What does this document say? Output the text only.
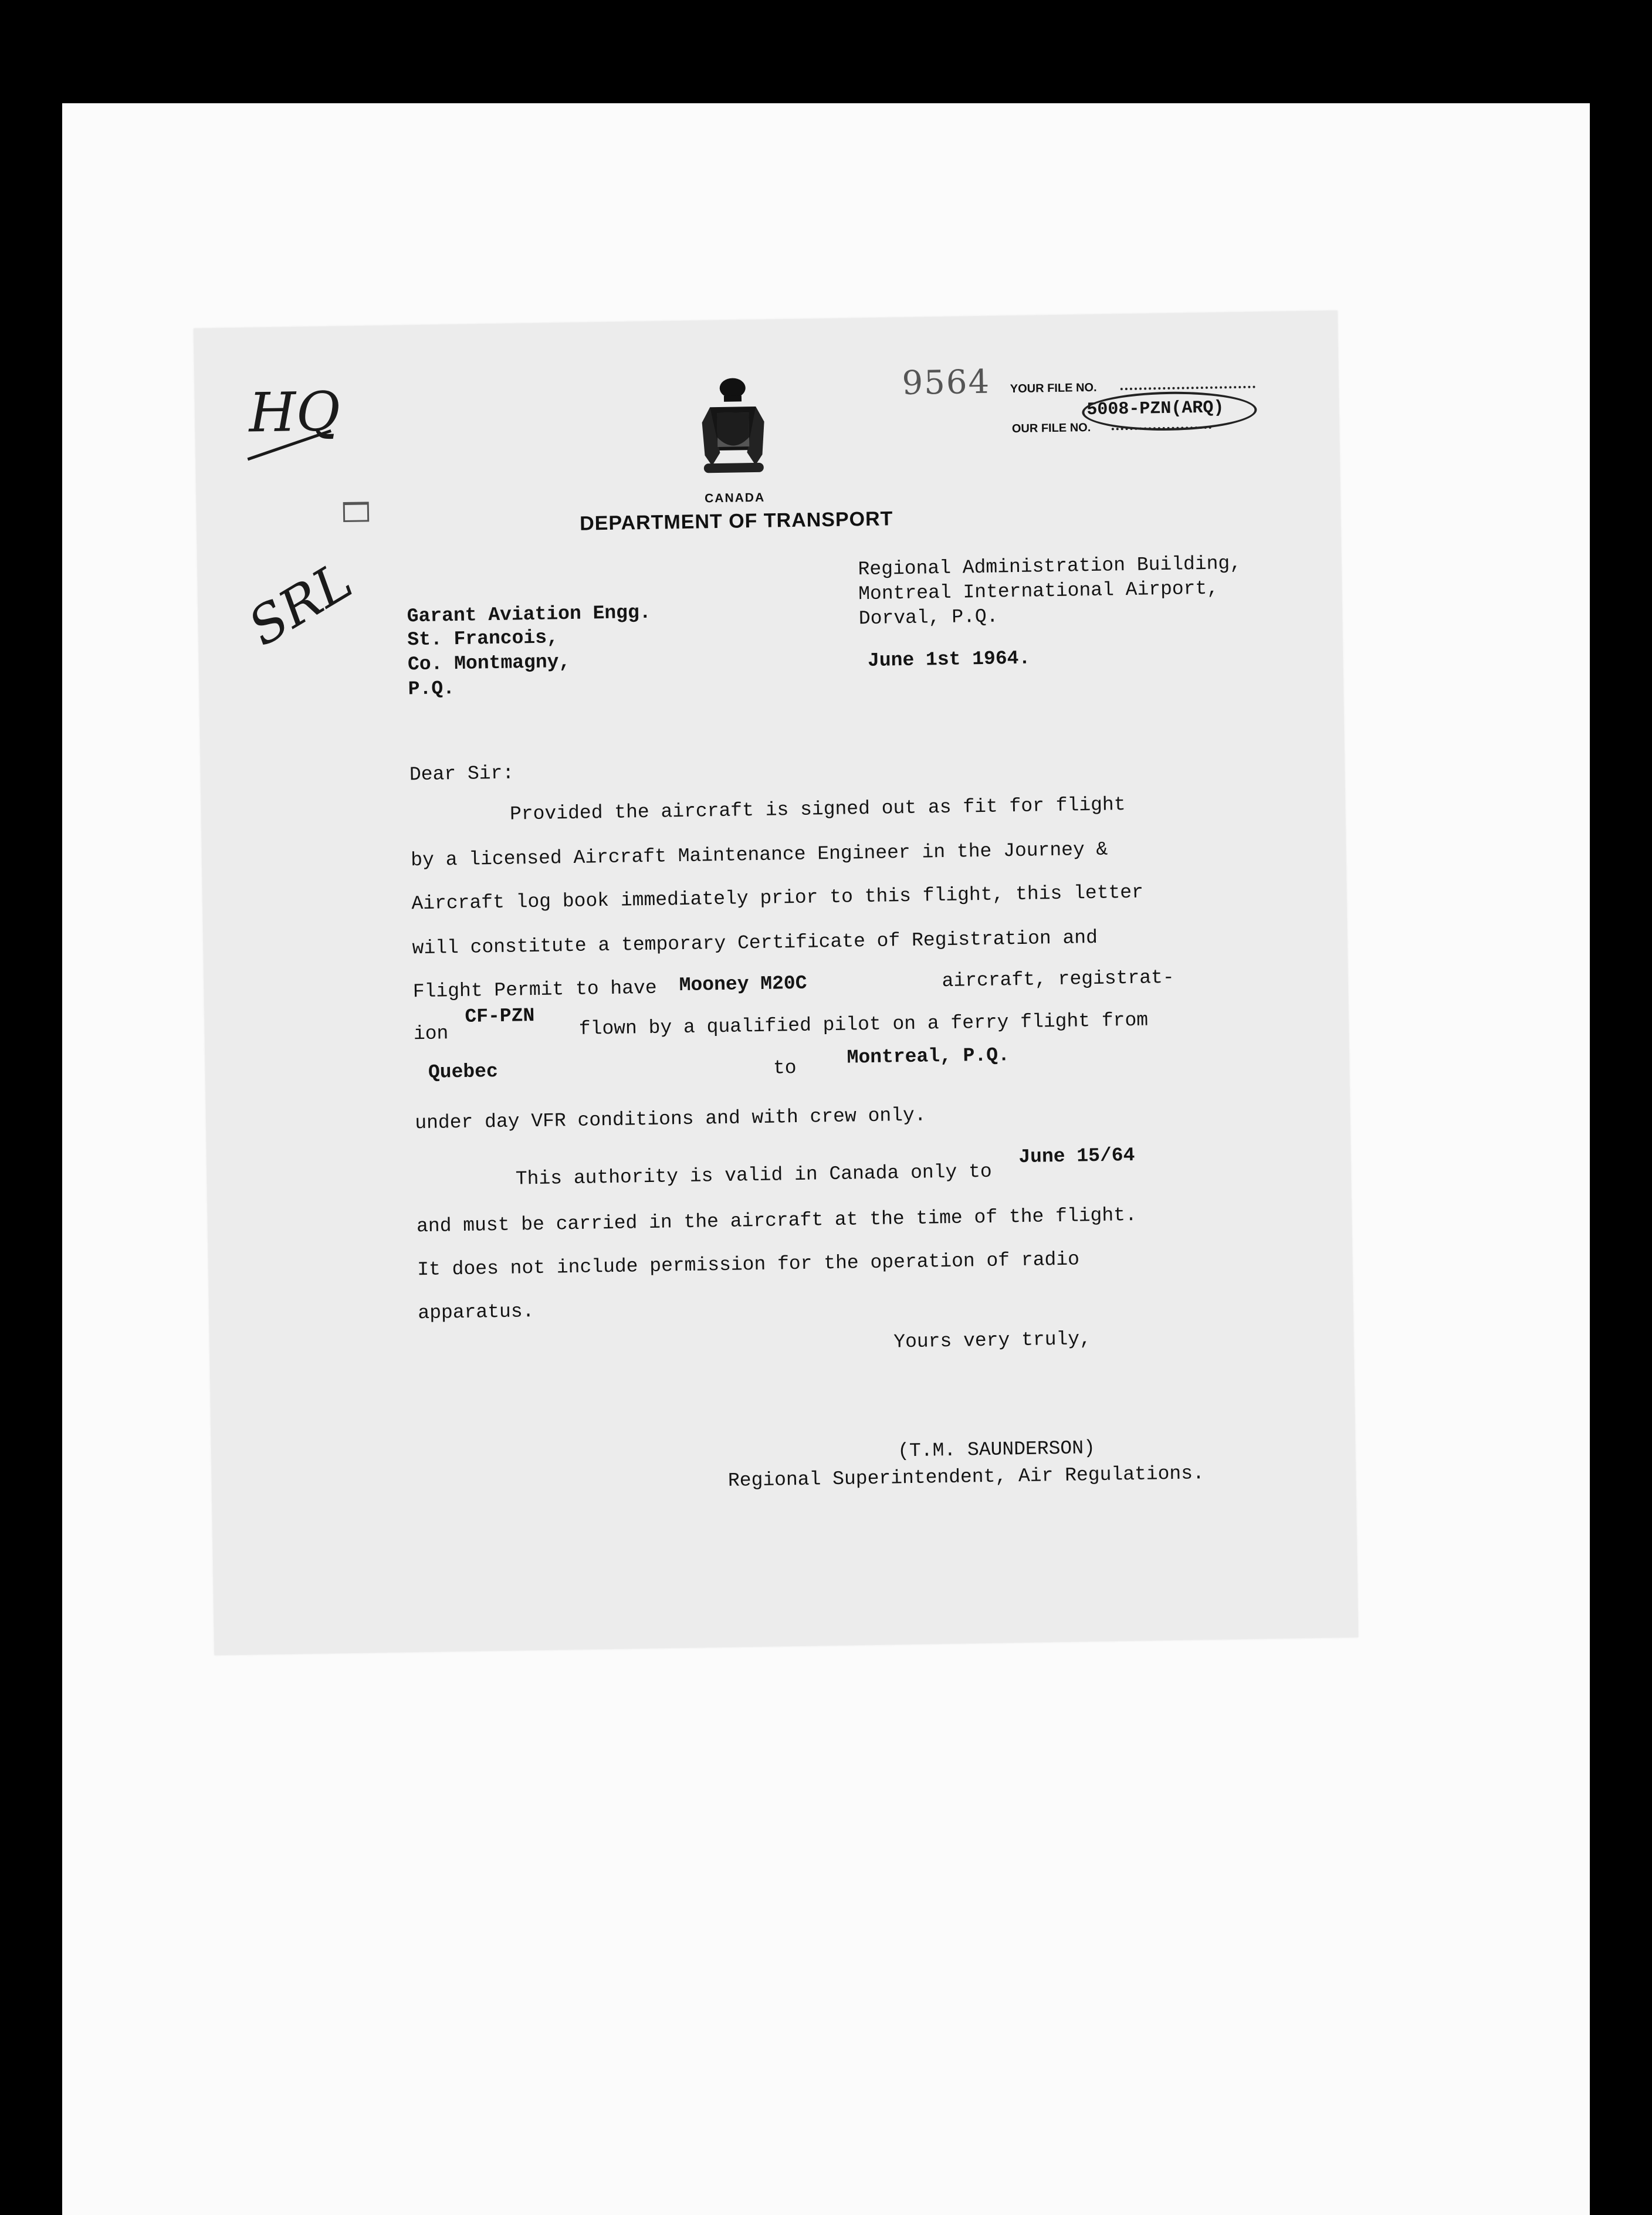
HQ
SRL
CANADA
DEPARTMENT OF TRANSPORT
9564 YOUR FILE NO.
OUR FILE NO.
5008-PZN(ARQ)
Regional Administration Building,
Montreal International Airport,
Dorval, P.Q.
June 1st 1964.
Garant Aviation Engg.
St. Francois,
Co. Montmagny,
P.Q.
Dear Sir:
Provided the aircraft is signed out as fit for flight
by a licensed Aircraft Maintenance Engineer in the Journey &
Aircraft log book immediately prior to this flight, this letter
will constitute a temporary Certificate of Registration and
Flight Permit to have Mooney M20C	aircraft, registrat-
ion
CF-PZN flown by a qualified pilot on a ferry flight from
Quebec	to	Montreal, P.Q.
under day VFR conditions and with crew only.
This authority is valid in Canada only to
June 15/64
and must be carried in the aircraft at the time of the flight.
It does not include permission for the operation of radio
apparatus.
Yours very truly,
(T.M. SAUNDERSON)
Regional Superintendent, Air Regulations.
